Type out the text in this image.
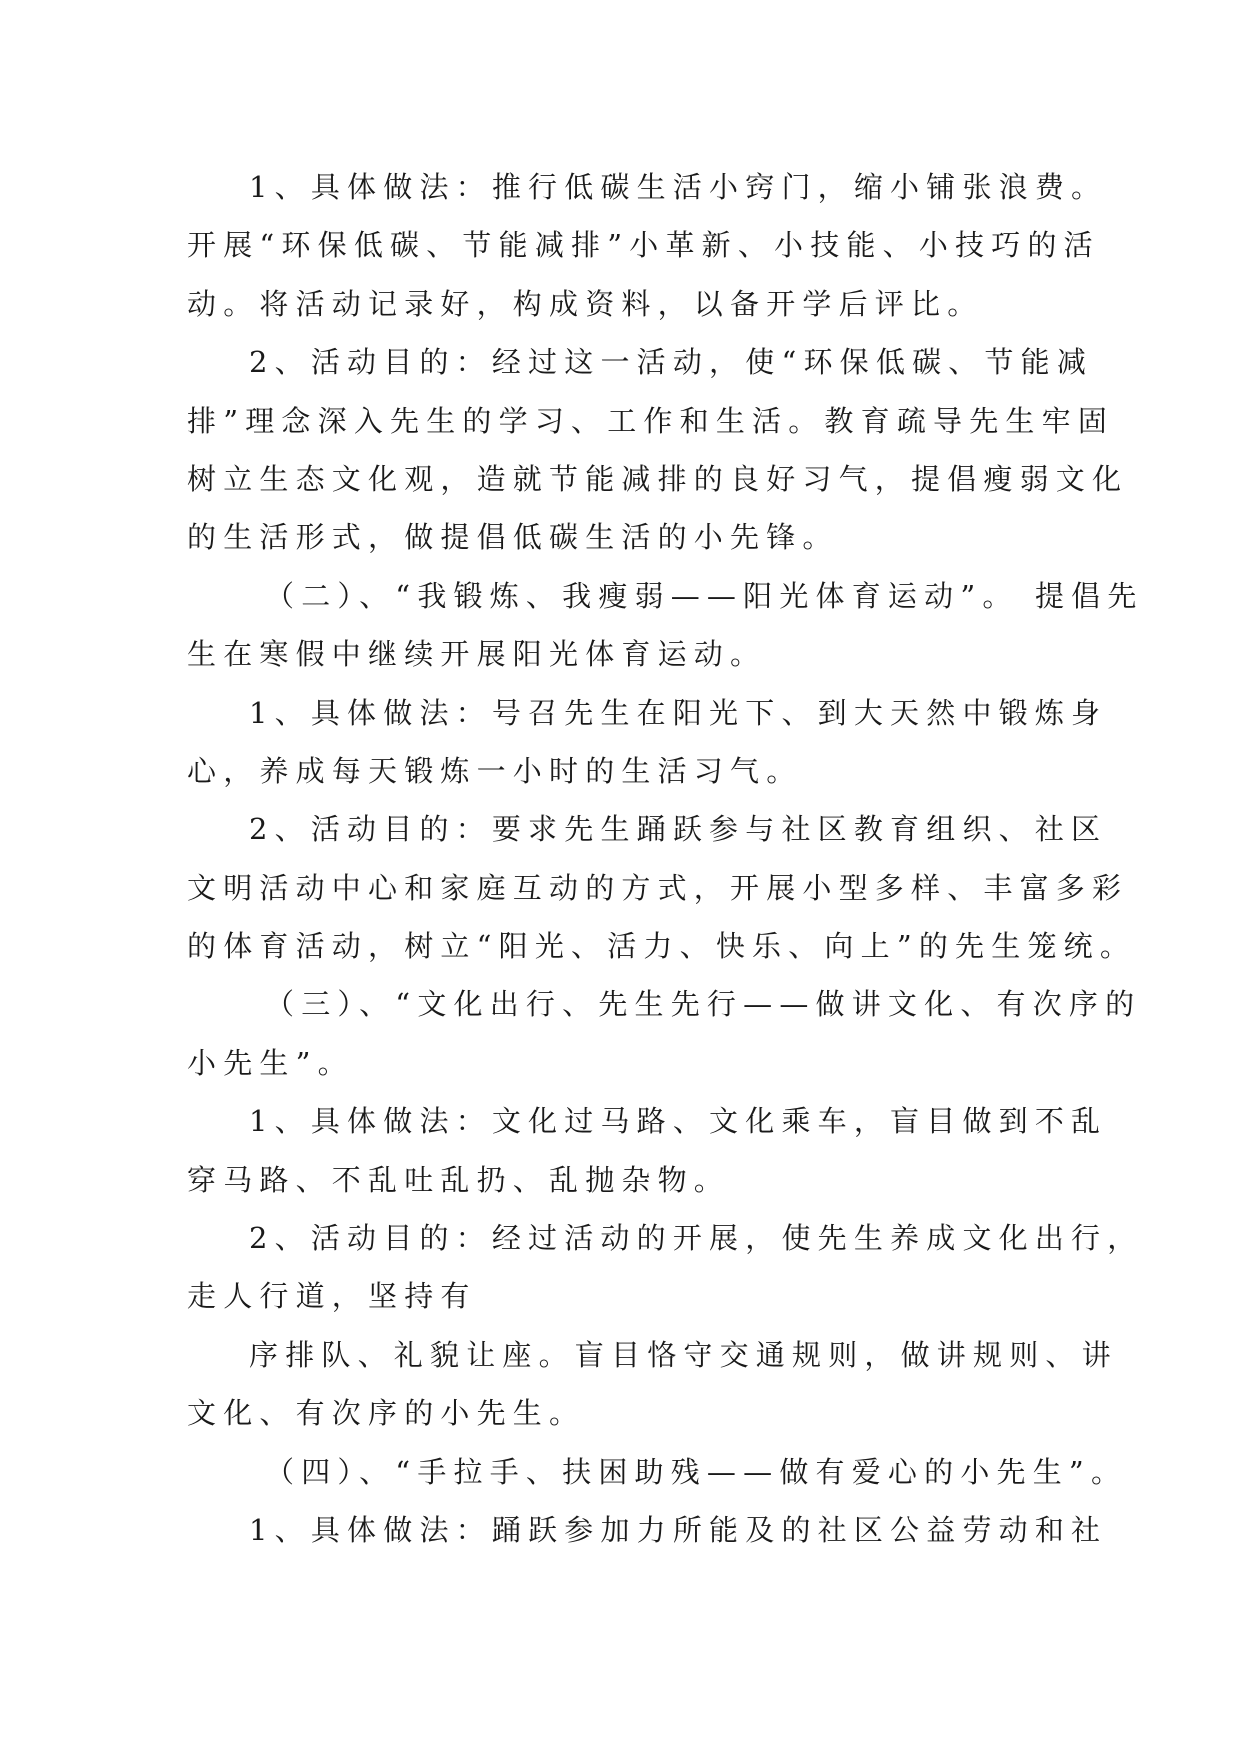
1、具体做法：推行低碳生活小窍门，缩小铺张浪费。
开展“环保低碳、节能减排”小革新、小技能、小技巧的活
动。将活动记录好，构成资料，以备开学后评比。
2、活动目的：经过这一活动，使“环保低碳、节能减
排”理念深入先生的学习、工作和生活。教育疏导先生牢固
树立生态文化观，造就节能减排的良好习气，提倡瘦弱文化
的生活形式，做提倡低碳生活的小先锋。
（二）、“我锻炼、我瘦弱——阳光体育运动”。 提倡先
生在寒假中继续开展阳光体育运动。
1、具体做法：号召先生在阳光下、到大天然中锻炼身
心，养成每天锻炼一小时的生活习气。
2、活动目的：要求先生踊跃参与社区教育组织、社区
文明活动中心和家庭互动的方式，开展小型多样、丰富多彩
的体育活动，树立“阳光、活力、快乐、向上”的先生笼统。
（三）、“文化出行、先生先行——做讲文化、有次序的
小先生”。
1、具体做法：文化过马路、文化乘车，盲目做到不乱
穿马路、不乱吐乱扔、乱抛杂物。
2、活动目的：经过活动的开展，使先生养成文化出行，
走人行道，坚持有
序排队、礼貌让座。盲目恪守交通规则，做讲规则、讲
文化、有次序的小先生。
（四）、“手拉手、扶困助残——做有爱心的小先生”。
1、具体做法：踊跃参加力所能及的社区公益劳动和社
